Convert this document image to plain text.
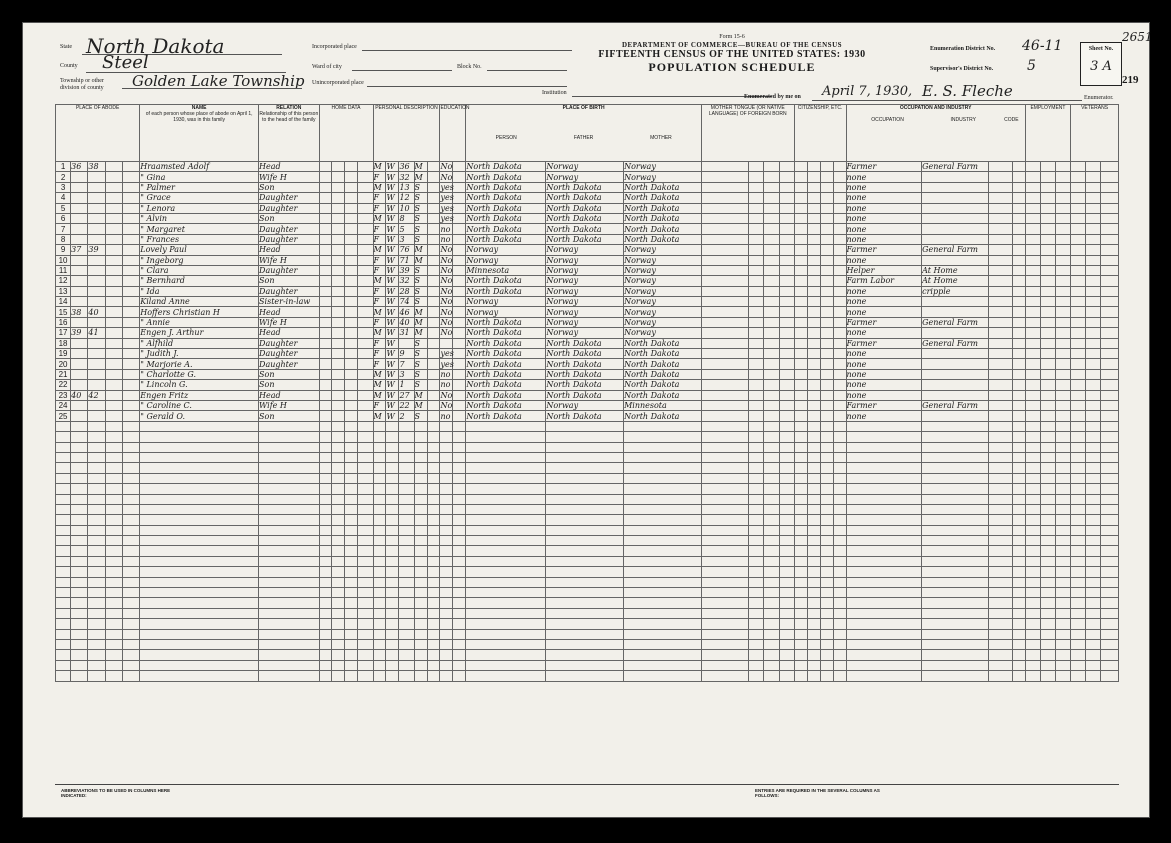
State North Dakota
County Steel
Township or other division of county	Golden Lake Township
Incorporated place
Ward of city	Block No.
Unincorporated place
Institution
Form 15-6
DEPARTMENT OF COMMERCE—BUREAU OF THE CENSUS
FIFTEENTH CENSUS OF THE UNITED STATES: 1930
POPULATION SCHEDULE
Enumeration District No. 46-11
Supervisor's District No. 5
Enumerated by me on April 7, 1930, E. S. Fleche	Enumerator.
Sheet No.
3 A
2651
219
PLACE OF ABODE					NAME
of each person whose place of abode on April 1, 1930, was in this family	RELATION
Relationship of this person to the head of the family	HOME DATA				PERSONAL DESCRIPTION					EDUCATION		PLACE OF BIRTH

PERSON FATHER MOTHER			MOTHER TONGUE (OR NATIVE LANGUAGE) OF FOREIGN BORN				CITIZENSHIP, ETC.				OCCUPATION AND INDUSTRY

OCCUPATION INDUSTRY CODE				EMPLOYMENT			VETERANS		
1	36	38			Hraamsted Adolf	Head					M	W	36	M		No		North Dakota	Norway	Norway									Farmer	General Farm								
2					" Gina	Wife H					F	W	32	M		No		North Dakota	Norway	Norway									none									
3					" Palmer	Son					M	W	13	S		yes		North Dakota	North Dakota	North Dakota									none									
4					" Grace	Daughter					F	W	12	S		yes		North Dakota	North Dakota	North Dakota									none									
5					" Lenora	Daughter					F	W	10	S		yes		North Dakota	North Dakota	North Dakota									none									
6					" Alvin	Son					M	W	8	S		yes		North Dakota	North Dakota	North Dakota									none									
7					" Margaret	Daughter					F	W	5	S		no		North Dakota	North Dakota	North Dakota									none									
8					" Frances	Daughter					F	W	3	S		no		North Dakota	North Dakota	North Dakota									none									
9	37	39			Lovely Paul	Head					M	W	76	M		No		Norway	Norway	Norway									Farmer	General Farm								
10					" Ingeborg	Wife H					F	W	71	M		No		Norway	Norway	Norway									none									
11					" Clara	Daughter					F	W	39	S		No		Minnesota	Norway	Norway									Helper	At Home								
12					" Bernhard	Son					M	W	32	S		No		North Dakota	Norway	Norway									Farm Labor	At Home								
13					" Ida	Daughter					F	W	28	S		No		North Dakota	Norway	Norway									none	cripple								
14					Kiland Anne	Sister-in-law					F	W	74	S		No		Norway	Norway	Norway									none									
15	38	40			Hoffers Christian H	Head					M	W	46	M		No		Norway	Norway	Norway									none									
16					" Annie	Wife H					F	W	40	M		No		North Dakota	Norway	Norway									Farmer	General Farm								
17	39	41			Engen J. Arthur	Head					M	W	31	M		No		North Dakota	Norway	Norway									none									
18					" Alfhild	Daughter					F	W		S				North Dakota	North Dakota	North Dakota									Farmer	General Farm								
19					" Judith J.	Daughter					F	W	9	S		yes		North Dakota	North Dakota	North Dakota									none									
20					" Marjorie A.	Daughter					F	W	7	S		yes		North Dakota	North Dakota	North Dakota									none									
21					" Charlotte G.	Son					M	W	3	S		no		North Dakota	North Dakota	North Dakota									none									
22					" Lincoln G.	Son					M	W	1	S		no		North Dakota	North Dakota	North Dakota									none									
23	40	42			Engen Fritz	Head					M	W	27	M		No		North Dakota	North Dakota	North Dakota									none									
24					" Caroline C.	Wife H					F	W	22	M		No		North Dakota	Norway	Minnesota									Farmer	General Farm								
25					" Gerald O.	Son					M	W	2	S		no		North Dakota	North Dakota	North Dakota									none									

ABBREVIATIONS TO BE USED IN COLUMNS HERE INDICATED:
ENTRIES ARE REQUIRED IN THE SEVERAL COLUMNS AS FOLLOWS:
